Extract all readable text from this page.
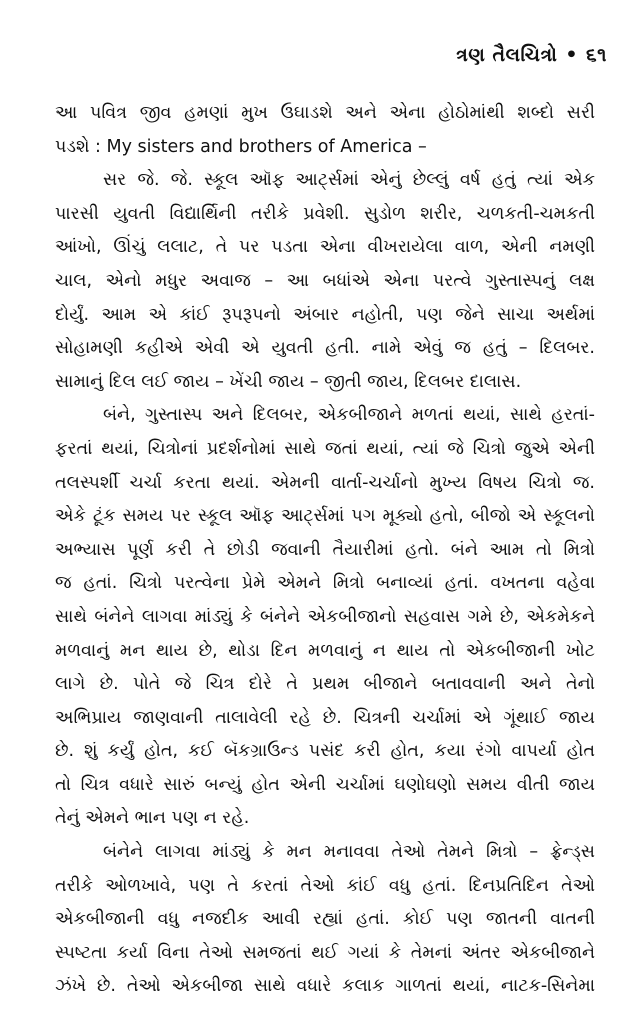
ત્રણ તૈલચિત્રો • ૬૧
આ પવિત્ર જીવ હમણાં મુખ ઉઘાડશે અને એના હોઠોમાંથી શબ્દો સરી
પડશે : My sisters and brothers of America –
સર જે. જે. સ્કૂલ ઑફ આર્ટ્સમાં એનું છેલ્લું વર્ષ હતું ત્યાં એક
પારસી યુવતી વિદ્યાર્થિની તરીકે પ્રવેશી. સુડોળ શરીર, ચળકતી-ચમકતી
આંખો, ઊંચું લલાટ, તે પર પડતા એના વીખરાયેલા વાળ, એની નમણી
ચાલ, એનો મધુર અવાજ – આ બધાંએ એના પરત્વે ગુસ્તાસ્પનું લક્ષ
દોર્યું. આમ એ કાંઈ રૂપરૂપનો અંબાર નહોતી, પણ જેને સાચા અર્થમાં
સોહામણી કહીએ એવી એ યુવતી હતી. નામે એવું જ હતું – દિલબર.
સામાનું દિલ લઈ જાય – ખેંચી જાય – જીતી જાય, દિલબર દાલાસ.
બંને, ગુસ્તાસ્પ અને દિલબર, એકબીજાને મળતાં થયાં, સાથે હરતાં-
ફરતાં થયાં, ચિત્રોનાં પ્રદર્શનોમાં સાથે જતાં થયાં, ત્યાં જે ચિત્રો જુએ એની
તલસ્પર્શી ચર્ચા કરતા થયાં. એમની વાર્તા-ચર્ચાનો મુખ્ય વિષય ચિત્રો જ.
એકે ટૂંક સમય પર સ્કૂલ ઑફ આર્ટ્સમાં પગ મૂક્યો હતો, બીજો એ સ્કૂલનો
અભ્યાસ પૂર્ણ કરી તે છોડી જવાની તૈયારીમાં હતો. બંને આમ તો મિત્રો
જ હતાં. ચિત્રો પરત્વેના પ્રેમે એમને મિત્રો બનાવ્યાં હતાં. વખતના વહેવા
સાથે બંનેને લાગવા માંડ્યું કે બંનેને એકબીજાનો સહવાસ ગમે છે, એકમેકને
મળવાનું મન થાય છે, થોડા દિન મળવાનું ન થાય તો એકબીજાની ખોટ
લાગે છે. પોતે જે ચિત્ર દોરે તે પ્રથમ બીજાને બતાવવાની અને તેનો
અભિપ્રાય જાણવાની તાલાવેલી રહે છે. ચિત્રની ચર્ચામાં એ ગૂંથાઈ જાય
છે. શું કર્યું હોત, કઈ બૅકગ્રાઉન્ડ પસંદ કરી હોત, કયા રંગો વાપર્યા હોત
તો ચિત્ર વધારે સારું બન્યું હોત એની ચર્ચામાં ઘણોઘણો સમય વીતી જાય
તેનું એમને ભાન પણ ન રહે.
બંનેને લાગવા માંડ્યું કે મન મનાવવા તેઓ તેમને મિત્રો – ફ્રેન્ડ્સ
તરીકે ઓળખાવે, પણ તે કરતાં તેઓ કાંઈ વધુ હતાં. દિનપ્રતિદિન તેઓ
એકબીજાની વધુ નજદીક આવી રહ્યાં હતાં. કોઈ પણ જાતની વાતની
સ્પષ્ટતા કર્યા વિના તેઓ સમજતાં થઈ ગયાં કે તેમનાં અંતર એકબીજાને
ઝંખે છે. તેઓ એકબીજા સાથે વધારે કલાક ગાળતાં થયાં, નાટક-સિનેમા
